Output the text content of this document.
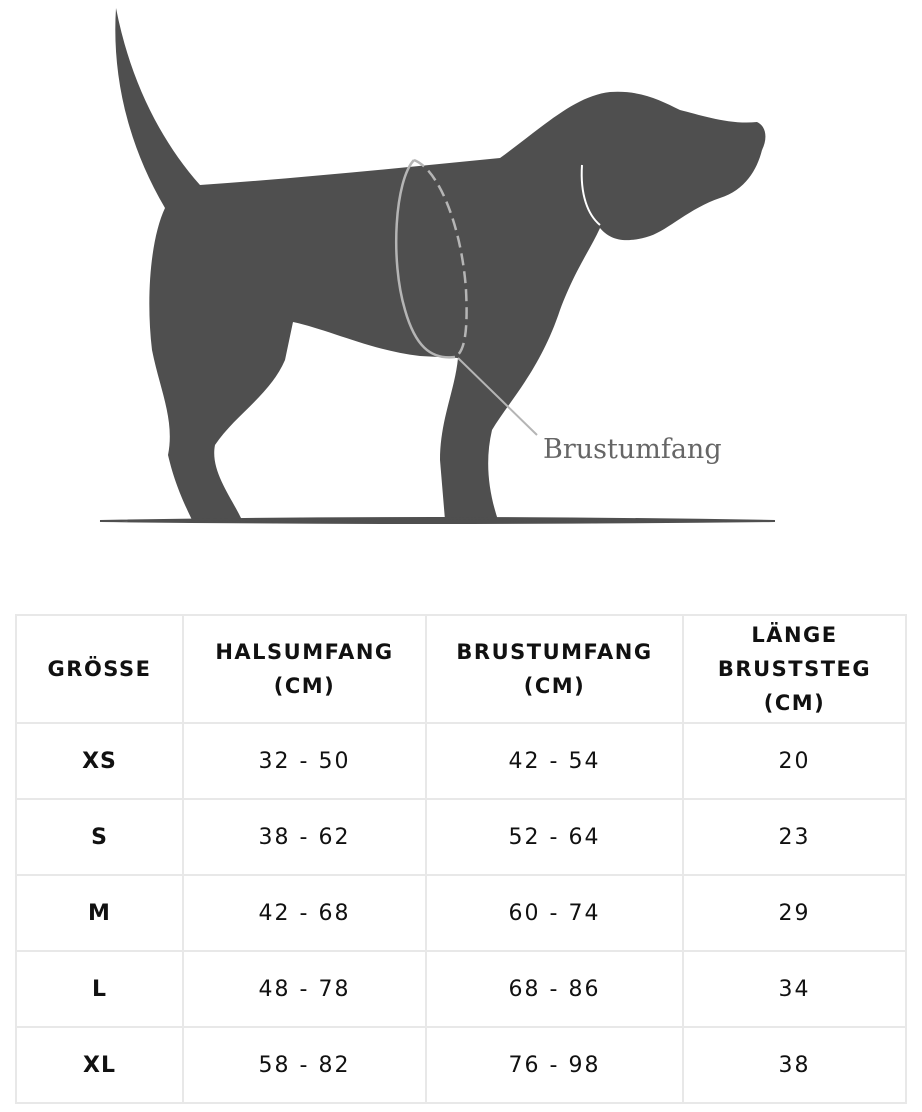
Brustumfang
GRÖSSE	HALSUMFANG (CM)	BRUSTUMFANG (CM)	LÄNGE BRUSTSTEG (CM)
XS	32 - 50	42 - 54	20
S	38 - 62	52 - 64	23
M	42 - 68	60 - 74	29
L	48 - 78	68 - 86	34
XL	58 - 82	76 - 98	38
